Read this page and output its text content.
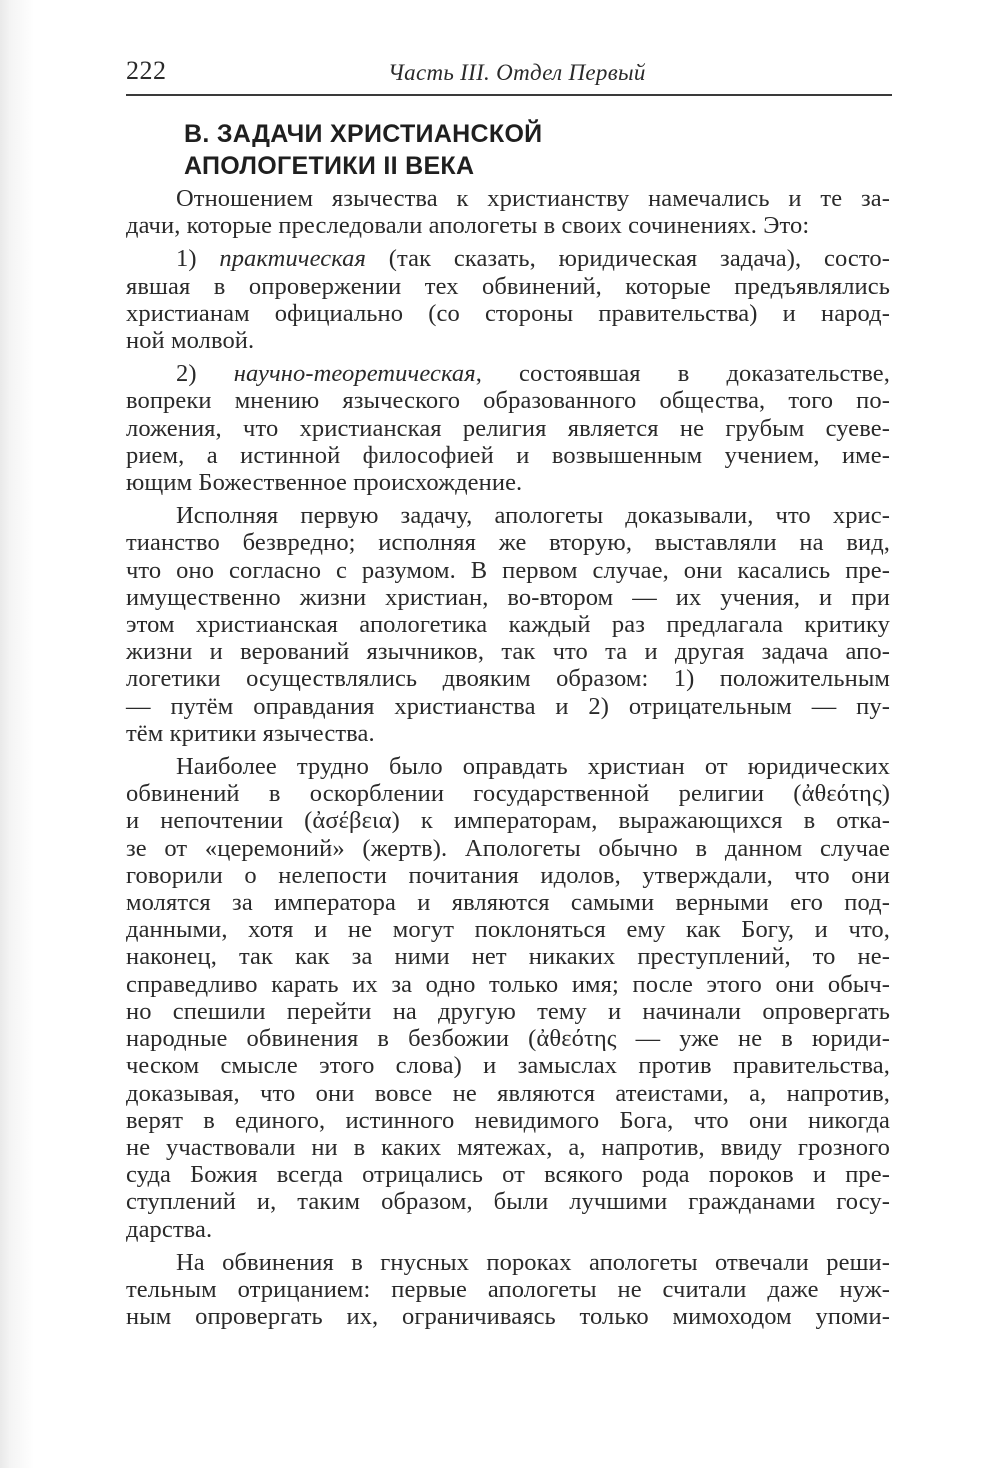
222	Часть III. Отдел Первый
В. ЗАДАЧИ ХРИСТИАНСКОЙ
АПОЛОГЕТИКИ II ВЕКА

Отношением язычества к христианству намечались и те за-
дачи, которые преследовали апологеты в своих сочинениях. Это:

1) практическая (так сказать, юридическая задача), состо-
явшая в опровержении тех обвинений, которые предъявлялись
христианам официально (со стороны правительства) и народ-
ной молвой.

2) научно-теоретическая, состоявшая в доказательстве,
вопреки мнению языческого образованного общества, того по-
ложения, что христианская религия является не грубым суеве-
рием, а истинной философией и возвышенным учением, име-
ющим Божественное происхождение.

Исполняя первую задачу, апологеты доказывали, что хрис-
тианство безвредно; исполняя же вторую, выставляли на вид,
что оно согласно с разумом. В первом случае, они касались пре-
имущественно жизни христиан, во-втором — их учения, и при
этом христианская апологетика каждый раз предлагала критику
жизни и верований язычников, так что та и другая задача апо-
логетики осуществлялись двояким образом: 1) положительным
— путём оправдания христианства и 2) отрицательным — пу-
тём критики язычества.

Наиболее трудно было оправдать христиан от юридических
обвинений в оскорблении государственной религии (ἀθεότης)
и непочтении (ἀσέβεια) к императорам, выражающихся в отка-
зе от «церемоний» (жертв). Апологеты обычно в данном случае
говорили о нелепости почитания идолов, утверждали, что они
молятся за императора и являются самыми верными его под-
данными, хотя и не могут поклоняться ему как Богу, и что,
наконец, так как за ними нет никаких преступлений, то не-
справедливо карать их за одно только имя; после этого они обыч-
но спешили перейти на другую тему и начинали опровергать
народные обвинения в безбожии (ἀθεότης — уже не в юриди-
ческом смысле этого слова) и замыслах против правительства,
доказывая, что они вовсе не являются атеистами, а, напротив,
верят в единого, истинного невидимого Бога, что они никогда
не участвовали ни в каких мятежах, а, напротив, ввиду грозного
суда Божия всегда отрицались от всякого рода пороков и пре-
ступлений и, таким образом, были лучшими гражданами госу-
дарства.

На обвинения в гнусных пороках апологеты отвечали реши-
тельным отрицанием: первые апологеты не считали даже нуж-
ным опровергать их, ограничиваясь только мимоходом упоми-
